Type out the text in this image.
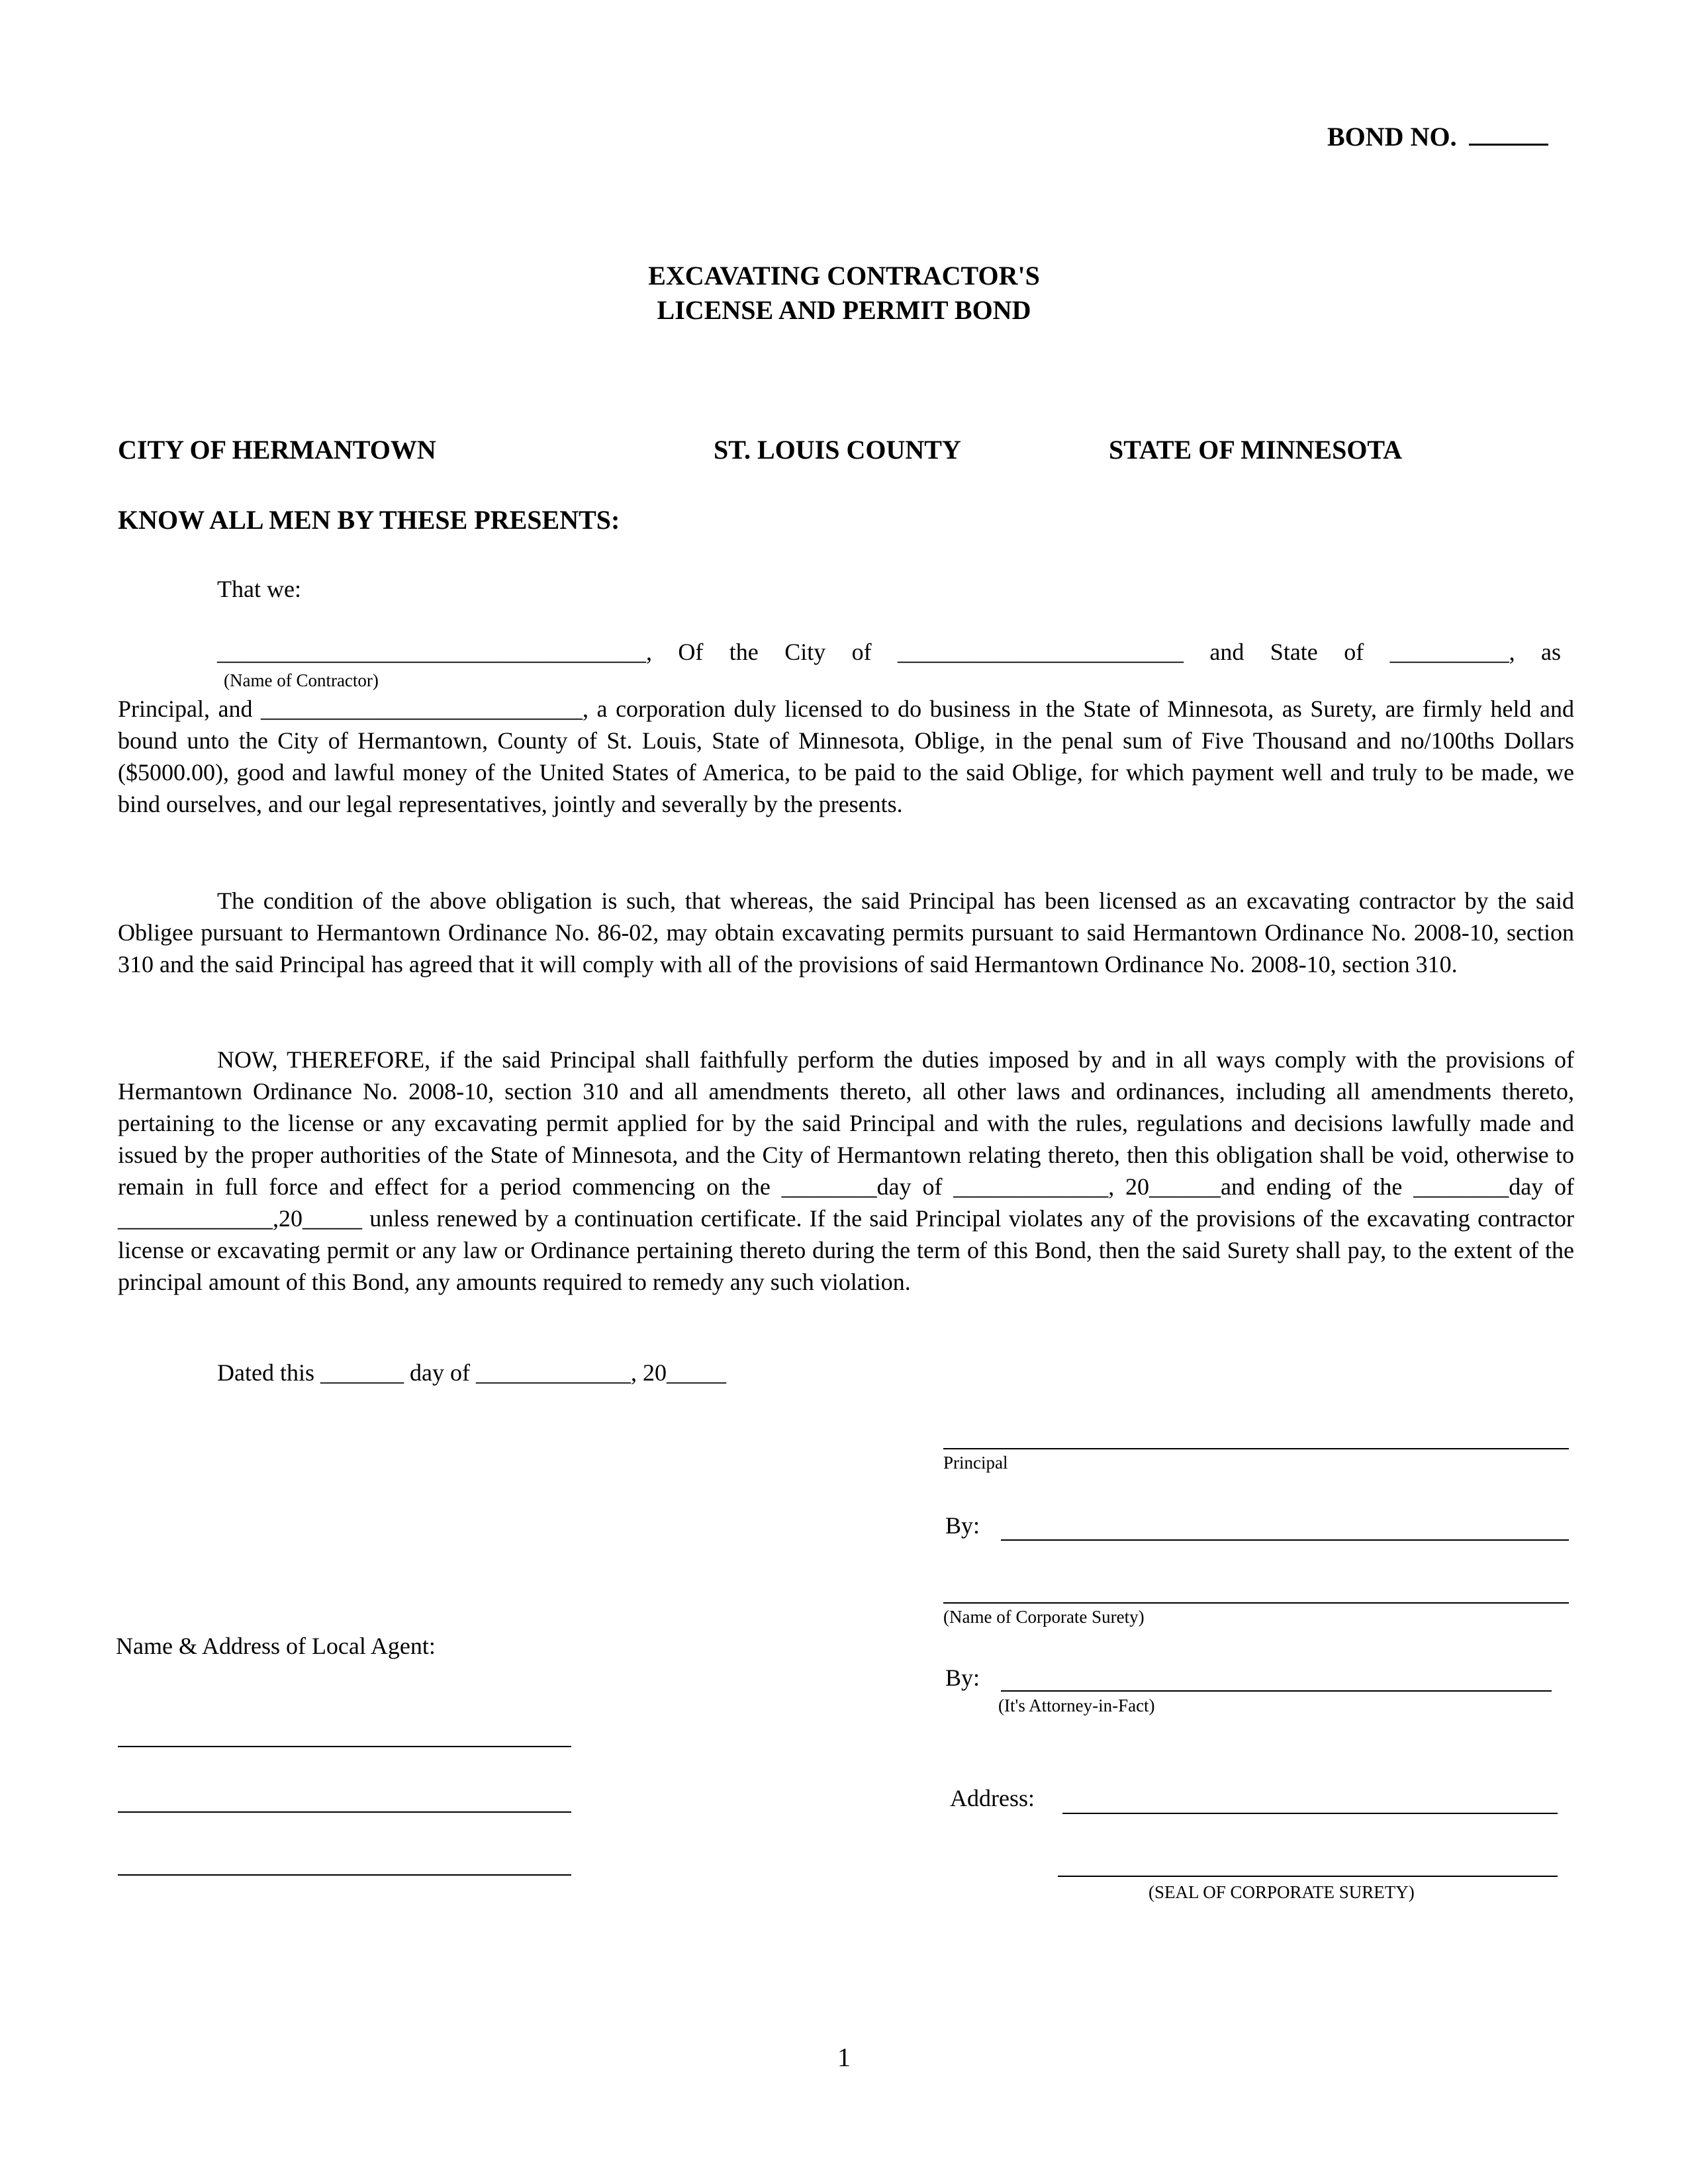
BOND NO.
EXCAVATING CONTRACTOR'S
LICENSE AND PERMIT BOND
CITY OF HERMANTOWN	ST. LOUIS COUNTY	STATE OF MINNESOTA
KNOW ALL MEN BY THESE PRESENTS:
That we:
____________________________________, Of the City of ________________________ and State of __________, as
(Name of Contractor)
Principal, and ___________________________, a corporation duly licensed to do business in the State of Minnesota, as Surety, are firmly held and bound unto the City of Hermantown, County of St. Louis, State of Minnesota, Oblige, in the penal sum of Five Thousand and no/100ths Dollars ($5000.00), good and lawful money of the United States of America, to be paid to the said Oblige, for which payment well and truly to be made, we bind ourselves, and our legal representatives, jointly and severally by the presents.
The condition of the above obligation is such, that whereas, the said Principal has been licensed as an excavating contractor by the said Obligee pursuant to Hermantown Ordinance No. 86-02, may obtain excavating permits pursuant to said Hermantown Ordinance No. 2008-10, section 310 and the said Principal has agreed that it will comply with all of the provisions of said Hermantown Ordinance No. 2008-10, section 310.
NOW, THEREFORE, if the said Principal shall faithfully perform the duties imposed by and in all ways comply with the provisions of Hermantown Ordinance No. 2008-10, section 310 and all amendments thereto, all other laws and ordinances, including all amendments thereto, pertaining to the license or any excavating permit applied for by the said Principal and with the rules, regulations and decisions lawfully made and issued by the proper authorities of the State of Minnesota, and the City of Hermantown relating thereto, then this obligation shall be void, otherwise to remain in full force and effect for a period commencing on the ________day of _____________, 20______and ending of the ________day of _____________,20_____ unless renewed by a continuation certificate. If the said Principal violates any of the provisions of the excavating contractor license or excavating permit or any law or Ordinance pertaining thereto during the term of this Bond, then the said Surety shall pay, to the extent of the principal amount of this Bond, any amounts required to remedy any such violation.
Dated this _______ day of _____________, 20_____
Principal
By:
(Name of Corporate Surety)
By:
(It's Attorney-in-Fact)
Address:
(SEAL OF CORPORATE SURETY)
Name & Address of Local Agent:
1
